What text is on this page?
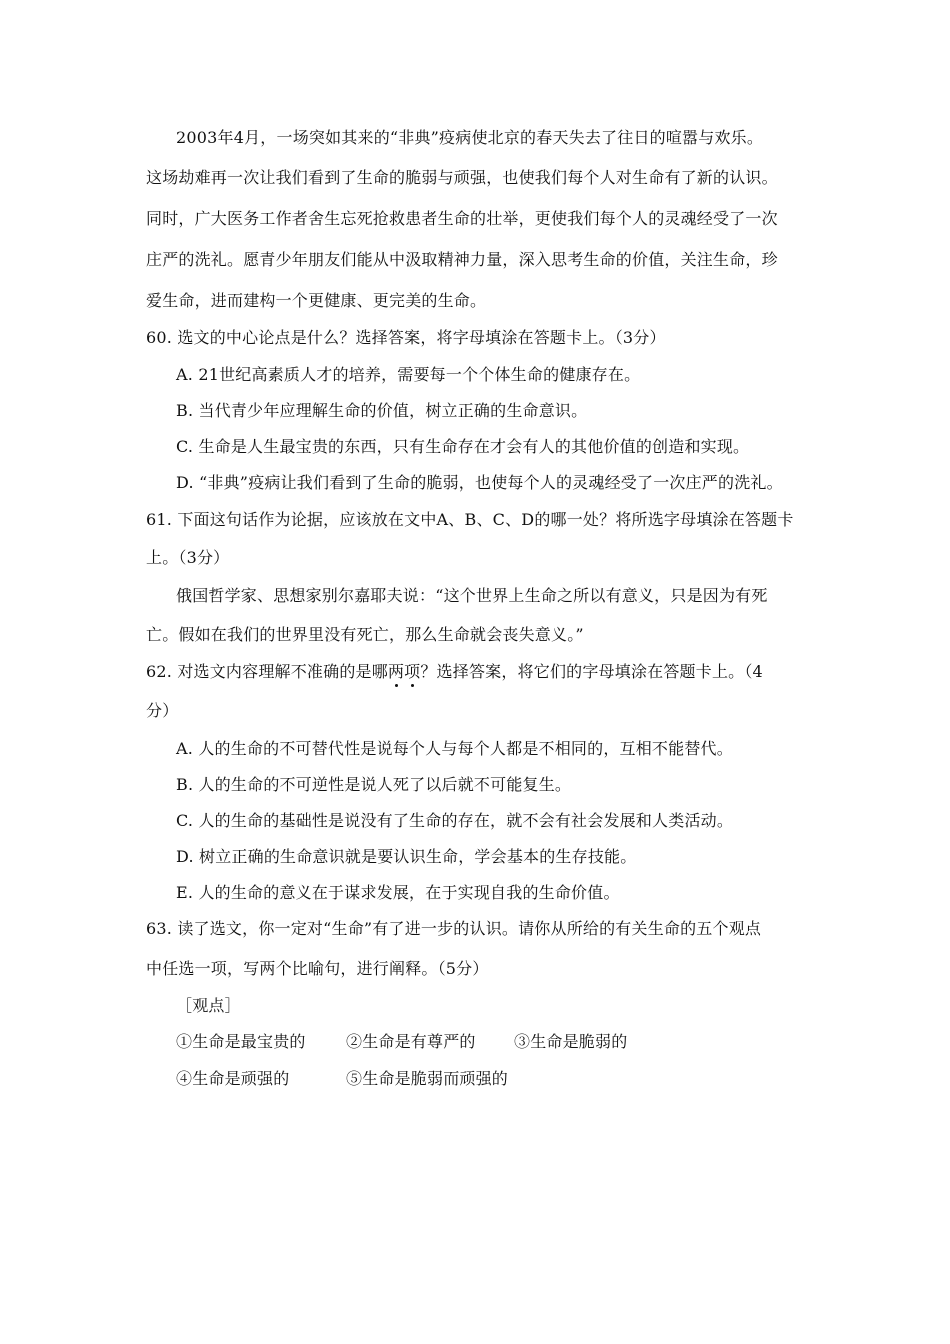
2003年4月，一场突如其来的“非典”疫病使北京的春天失去了往日的喧嚣与欢乐。
这场劫难再一次让我们看到了生命的脆弱与顽强，也使我们每个人对生命有了新的认识。
同时，广大医务工作者舍生忘死抢救患者生命的壮举，更使我们每个人的灵魂经受了一次
庄严的洗礼。愿青少年朋友们能从中汲取精神力量，深入思考生命的价值，关注生命，珍
爱生命，进而建构一个更健康、更完美的生命。
60. 选文的中心论点是什么？选择答案，将字母填涂在答题卡上。（3分）
A. 21世纪高素质人才的培养，需要每一个个体生命的健康存在。
B. 当代青少年应理解生命的价值，树立正确的生命意识。
C. 生命是人生最宝贵的东西，只有生命存在才会有人的其他价值的创造和实现。
D. “非典”疫病让我们看到了生命的脆弱，也使每个人的灵魂经受了一次庄严的洗礼。
61. 下面这句话作为论据，应该放在文中A、B、C、D的哪一处？将所选字母填涂在答题卡
上。（3分）
俄国哲学家、思想家别尔嘉耶夫说：“这个世界上生命之所以有意义，只是因为有死
亡。假如在我们的世界里没有死亡，那么生命就会丧失意义。”
62. 对选文内容理解不准确的是哪两项？选择答案，将它们的字母填涂在答题卡上。（4
分）
A. 人的生命的不可替代性是说每个人与每个人都是不相同的，互相不能替代。
B. 人的生命的不可逆性是说人死了以后就不可能复生。
C. 人的生命的基础性是说没有了生命的存在，就不会有社会发展和人类活动。
D. 树立正确的生命意识就是要认识生命，学会基本的生存技能。
E. 人的生命的意义在于谋求发展，在于实现自我的生命价值。
63. 读了选文，你一定对“生命”有了进一步的认识。请你从所给的有关生命的五个观点
中任选一项，写两个比喻句，进行阐释。（5分）
［观点］
①生命是最宝贵的	②生命是有尊严的 ③生命是脆弱的
④生命是顽强的	⑤生命是脆弱而顽强的
